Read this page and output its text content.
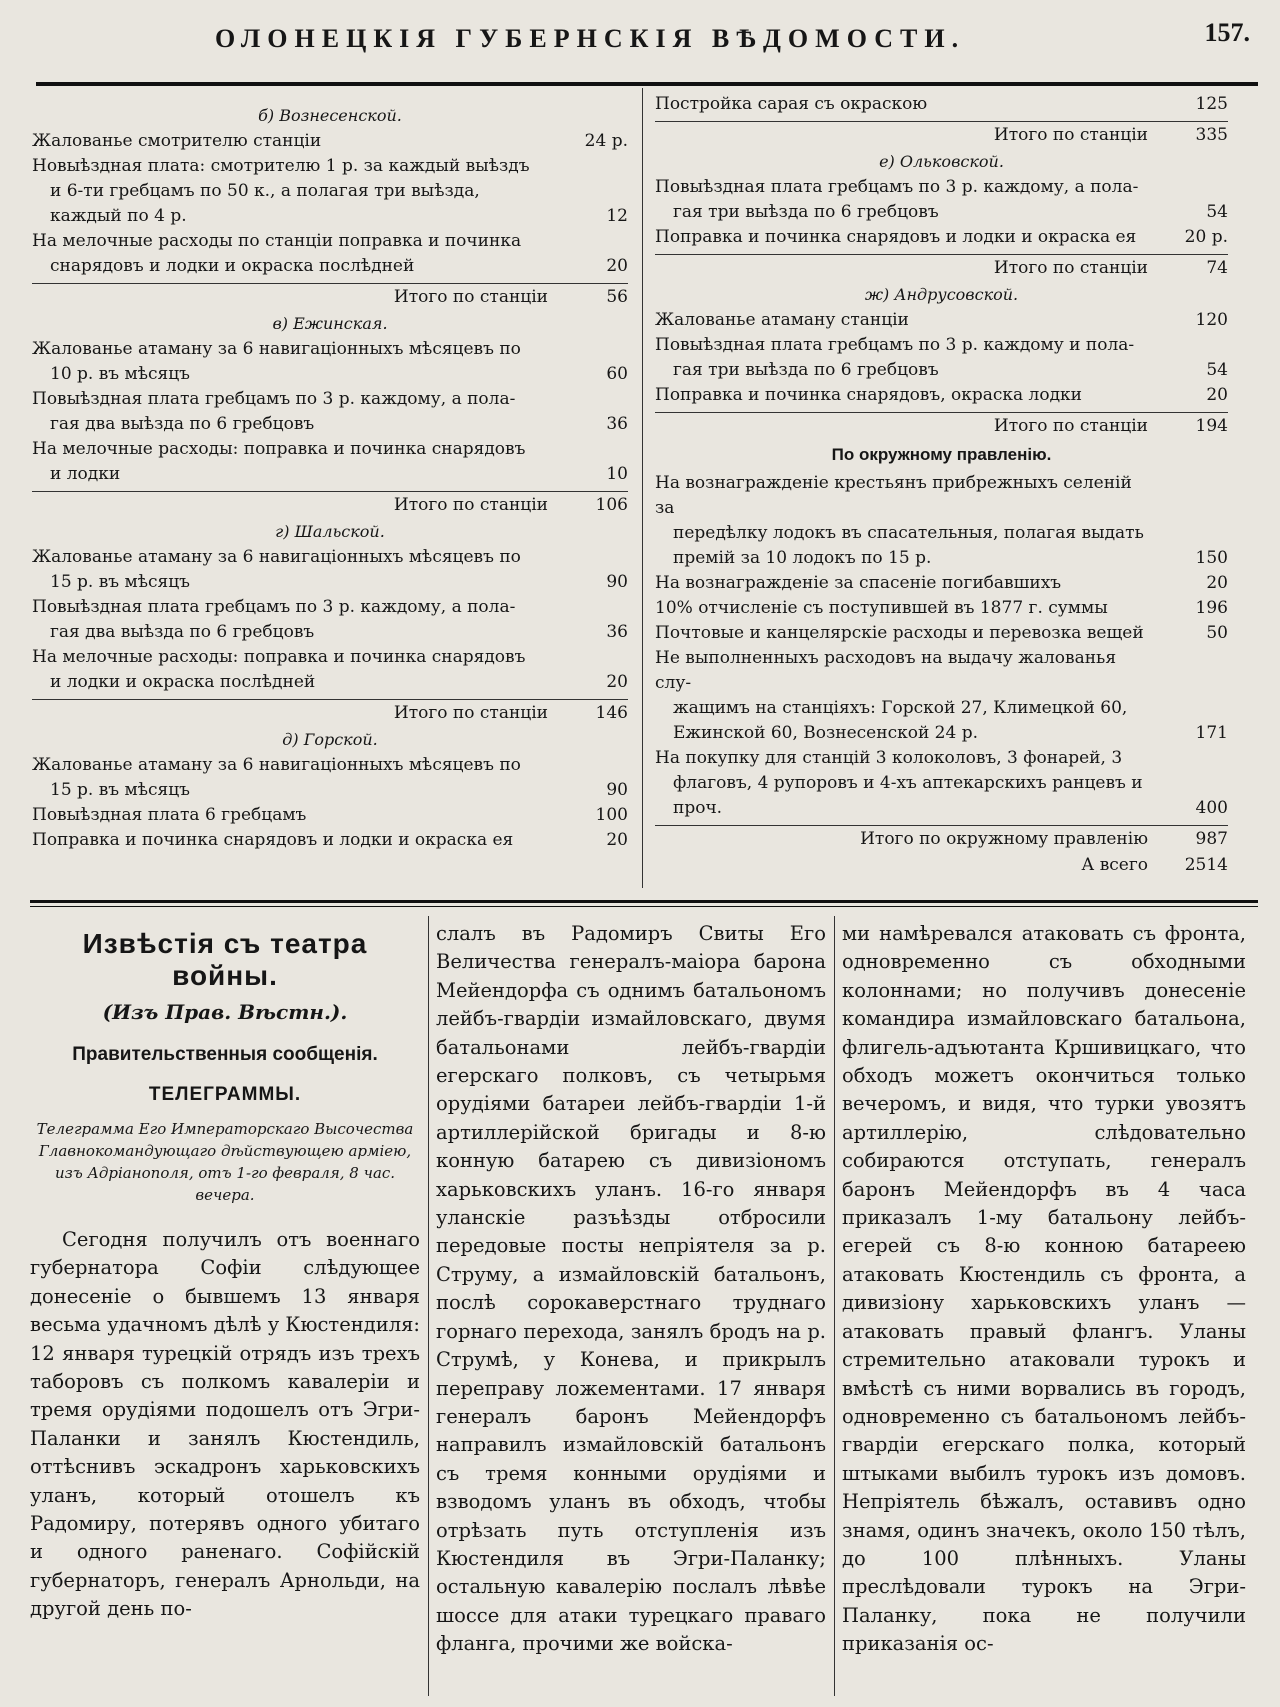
ОЛОНЕЦКІЯ ГУБЕРНСКІЯ ВѢДОМОСТИ.	157.
б) Вознесенской.
Жалованье смотрителю станціи	24 р.
Новыѣздная плата: смотрителю 1 р. за каждый выѣздъ
и 6-ти гребцамъ по 50 к., а полагая три выѣзда, каждый по 4 р.	12
На мелочные расходы по станціи поправка и починка
снарядовъ и лодки и окраска послѣдней	20
Итого по станціи	56
в) Ежинская.
Жалованье атаману за 6 навигаціонныхъ мѣсяцевъ по
10 р. въ мѣсяцъ	60
Повыѣздная плата гребцамъ по 3 р. каждому, а пола-
гая два выѣзда по 6 гребцовъ	36
На мелочные расходы: поправка и починка снарядовъ
и лодки	10
Итого по станціи	106
г) Шальской.
Жалованье атаману за 6 навигаціонныхъ мѣсяцевъ по
15 р. въ мѣсяцъ	90
Повыѣздная плата гребцамъ по 3 р. каждому, а пола-
гая два выѣзда по 6 гребцовъ	36
На мелочные расходы: поправка и починка снарядовъ
и лодки и окраска послѣдней	20
Итого по станціи	146
д) Горской.
Жалованье атаману за 6 навигаціонныхъ мѣсяцевъ по
15 р. въ мѣсяцъ	90
Повыѣздная плата 6 гребцамъ	100
Поправка и починка снарядовъ и лодки и окраска ея	20
Постройка сарая съ окраскою	125
Итого по станціи	335
е) Ольковской.
Повыѣздная плата гребцамъ по 3 р. каждому, а пола-
гая три выѣзда по 6 гребцовъ	54
Поправка и починка снарядовъ и лодки и окраска ея	20 р.
Итого по станціи	74
ж) Андрусовской.
Жалованье атаману станціи	120
Повыѣздная плата гребцамъ по 3 р. каждому и пола-
гая три выѣзда по 6 гребцовъ	54
Поправка и починка снарядовъ, окраска лодки	20
Итого по станціи	194
По окружному правленію.
На вознагражденіе крестьянъ прибрежныхъ селеній за
передѣлку лодокъ въ спасательныя, полагая выдать премій за 10 лодокъ по 15 р.	150
На вознагражденіе за спасеніе погибавшихъ	20
10% отчисленіе съ поступившей въ 1877 г. суммы	196
Почтовые и канцелярскіе расходы и перевозка вещей	50
Не выполненныхъ расходовъ на выдачу жалованья слу-
жащимъ на станціяхъ: Горской 27, Климецкой 60, Ежинской 60, Вознесенской 24 р.	171
На покупку для станцій 3 колоколовъ, 3 фонарей, 3
флаговъ, 4 рупоровъ и 4-хъ аптекарскихъ ранцевъ и проч.	400
Итого по окружному правленію	987
А всего	2514
Извѣстія съ театра войны.
(Изъ Прав. Вѣстн.).
Правительственныя сообщенія.
ТЕЛЕГРАММЫ.
Телеграмма Его Императорскаго Высочества Главнокомандующаго дѣйствующею арміею, изъ Адріанополя, отъ 1-го февраля, 8 час. вечера.

Сегодня получилъ отъ военнаго губернатора Софіи слѣдующее донесеніе о бывшемъ 13 января весьма удачномъ дѣлѣ у Кюстендиля: 12 января турецкій отрядъ изъ трехъ таборовъ съ полкомъ кавалеріи и тремя орудіями подошелъ отъ Эгри-Паланки и занялъ Кюстендиль, оттѣснивъ эскадронъ харьковскихъ уланъ, который отошелъ къ Радомиру, потерявъ одного убитаго и одного раненаго. Софійскій губернаторъ, генералъ Арнольди, на другой день по-

слалъ въ Радомиръ Свиты Его Величества генералъ-маіора барона Мейендорфа съ однимъ батальономъ лейбъ-гвардіи измайловскаго, двумя батальонами лейбъ-гвардіи егерскаго полковъ, съ четырьмя орудіями батареи лейбъ-гвардіи 1-й артиллерійской бригады и 8-ю конную батарею съ дивизіономъ харьковскихъ уланъ. 16-го января уланскіе разъѣзды отбросили передовые посты непріятеля за р. Струму, а измайловскій батальонъ, послѣ сорокаверстнаго труднаго горнаго перехода, занялъ бродъ на р. Струмѣ, у Конева, и прикрылъ переправу ложементами. 17 января генералъ баронъ Мейендорфъ направилъ измайловскій батальонъ съ тремя конными орудіями и взводомъ уланъ въ обходъ, чтобы отрѣзать путь отступленія изъ Кюстендиля въ Эгри-Паланку; остальную кавалерію послалъ лѣвѣе шоссе для атаки турецкаго праваго фланга, прочими же войска-

ми намѣревался атаковать съ фронта, одновременно съ обходными колоннами; но получивъ донесеніе командира измайловскаго батальона, флигель-адъютанта Кршивицкаго, что обходъ можетъ окончиться только вечеромъ, и видя, что турки увозятъ артиллерію, слѣдовательно собираются отступать, генералъ баронъ Мейендорфъ въ 4 часа приказалъ 1-му батальону лейбъ-егерей съ 8-ю конною батареею атаковать Кюстендиль съ фронта, а дивизіону харьковскихъ уланъ — атаковать правый флангъ. Уланы стремительно атаковали турокъ и вмѣстѣ съ ними ворвались въ городъ, одновременно съ батальономъ лейбъ-гвардіи егерскаго полка, который штыками выбилъ турокъ изъ домовъ. Непріятель бѣжалъ, оставивъ одно знамя, одинъ значекъ, около 150 тѣлъ, до 100 плѣнныхъ. Уланы преслѣдовали турокъ на Эгри-Паланку, пока не получили приказанія ос-
